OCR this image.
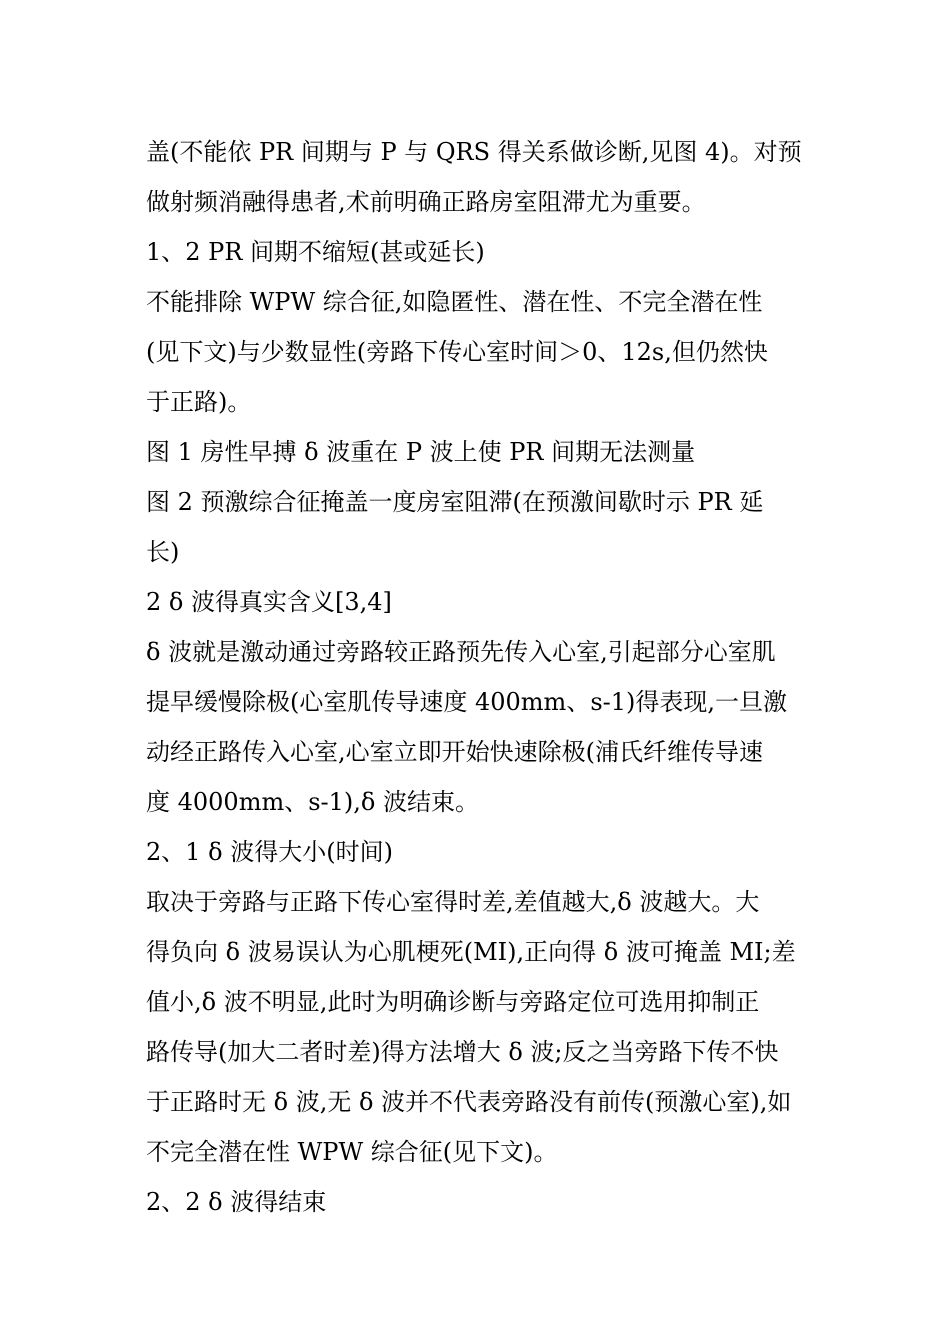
盖(不能依 PR 间期与 P 与 QRS 得关系做诊断,见图 4)。对预
做射频消融得患者,术前明确正路房室阻滞尤为重要。
1、2 PR 间期不缩短(甚或延长)
不能排除 WPW 综合征,如隐匿性、潜在性、不完全潜在性
(见下文)与少数显性(旁路下传心室时间＞0、12s,但仍然快
于正路)。
图 1 房性早搏 δ 波重在 P 波上使 PR 间期无法测量
图 2 预激综合征掩盖一度房室阻滞(在预激间歇时示 PR 延
长)
2 δ 波得真实含义[3,4]
δ 波就是激动通过旁路较正路预先传入心室,引起部分心室肌
提早缓慢除极(心室肌传导速度 400mm、s-1)得表现,一旦激
动经正路传入心室,心室立即开始快速除极(浦氏纤维传导速
度 4000mm、s-1),δ 波结束。
2、1 δ 波得大小(时间)
取决于旁路与正路下传心室得时差,差值越大,δ 波越大。大
得负向 δ 波易误认为心肌梗死(MI),正向得 δ 波可掩盖 MI;差
值小,δ 波不明显,此时为明确诊断与旁路定位可选用抑制正
路传导(加大二者时差)得方法增大 δ 波;反之当旁路下传不快
于正路时无 δ 波,无 δ 波并不代表旁路没有前传(预激心室),如
不完全潜在性 WPW 综合征(见下文)。
2、2 δ 波得结束
